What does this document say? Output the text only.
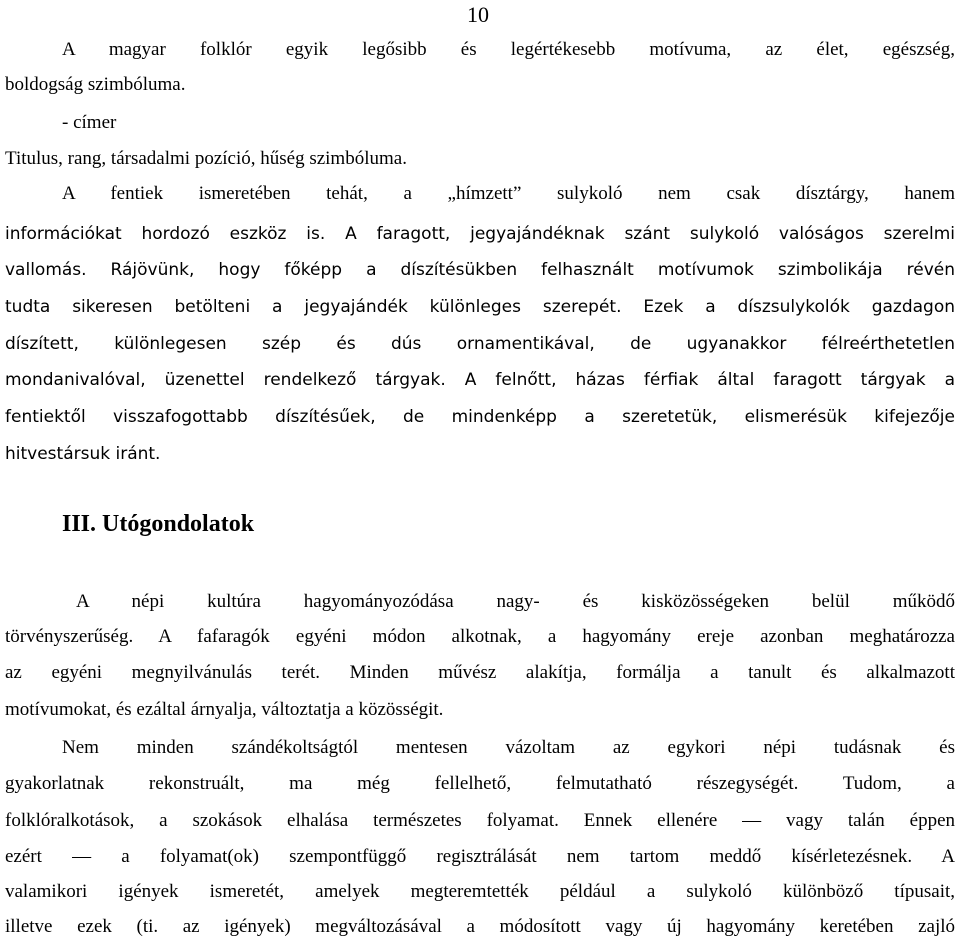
10
A magyar folklór egyik legősibb és legértékesebb motívuma, az élet, egészség,
boldogság szimbóluma.
- címer
Titulus, rang, társadalmi pozíció, hűség szimbóluma.
A fentiek ismeretében tehát, a „hímzett” sulykoló nem csak dísztárgy, hanem
információkat hordozó eszköz is. A faragott, jegyajándéknak szánt sulykoló valóságos szerelmi
vallomás. Rájövünk, hogy főképp a díszítésükben felhasznált motívumok szimbolikája révén
tudta sikeresen betölteni a jegyajándék különleges szerepét. Ezek a díszsulykolók gazdagon
díszített, különlegesen szép és dús ornamentikával, de ugyanakkor félreérthetetlen
mondanivalóval, üzenettel rendelkező tárgyak. A felnőtt, házas férfiak által faragott tárgyak a
fentiektől visszafogottabb díszítésűek, de mindenképp a szeretetük, elismerésük kifejezője
hitvestársuk iránt.
III. Utógondolatok
A népi kultúra hagyományozódása nagy- és kisközösségeken belül működő
törvényszerűség. A fafaragók egyéni módon alkotnak, a hagyomány ereje azonban meghatározza
az egyéni megnyilvánulás terét. Minden művész alakítja, formálja a tanult és alkalmazott
motívumokat, és ezáltal árnyalja, változtatja a közösségit.
Nem minden szándékoltságtól mentesen vázoltam az egykori népi tudásnak és
gyakorlatnak rekonstruált, ma még fellelhető, felmutatható részegységét. Tudom, a
folklóralkotások, a szokások elhalása természetes folyamat. Ennek ellenére — vagy talán éppen
ezért — a folyamat(ok) szempontfüggő regisztrálását nem tartom meddő kísérletezésnek. A
valamikori igények ismeretét, amelyek megteremtették például a sulykoló különböző típusait,
illetve ezek (ti. az igények) megváltozásával a módosított vagy új hagyomány keretében zajló
